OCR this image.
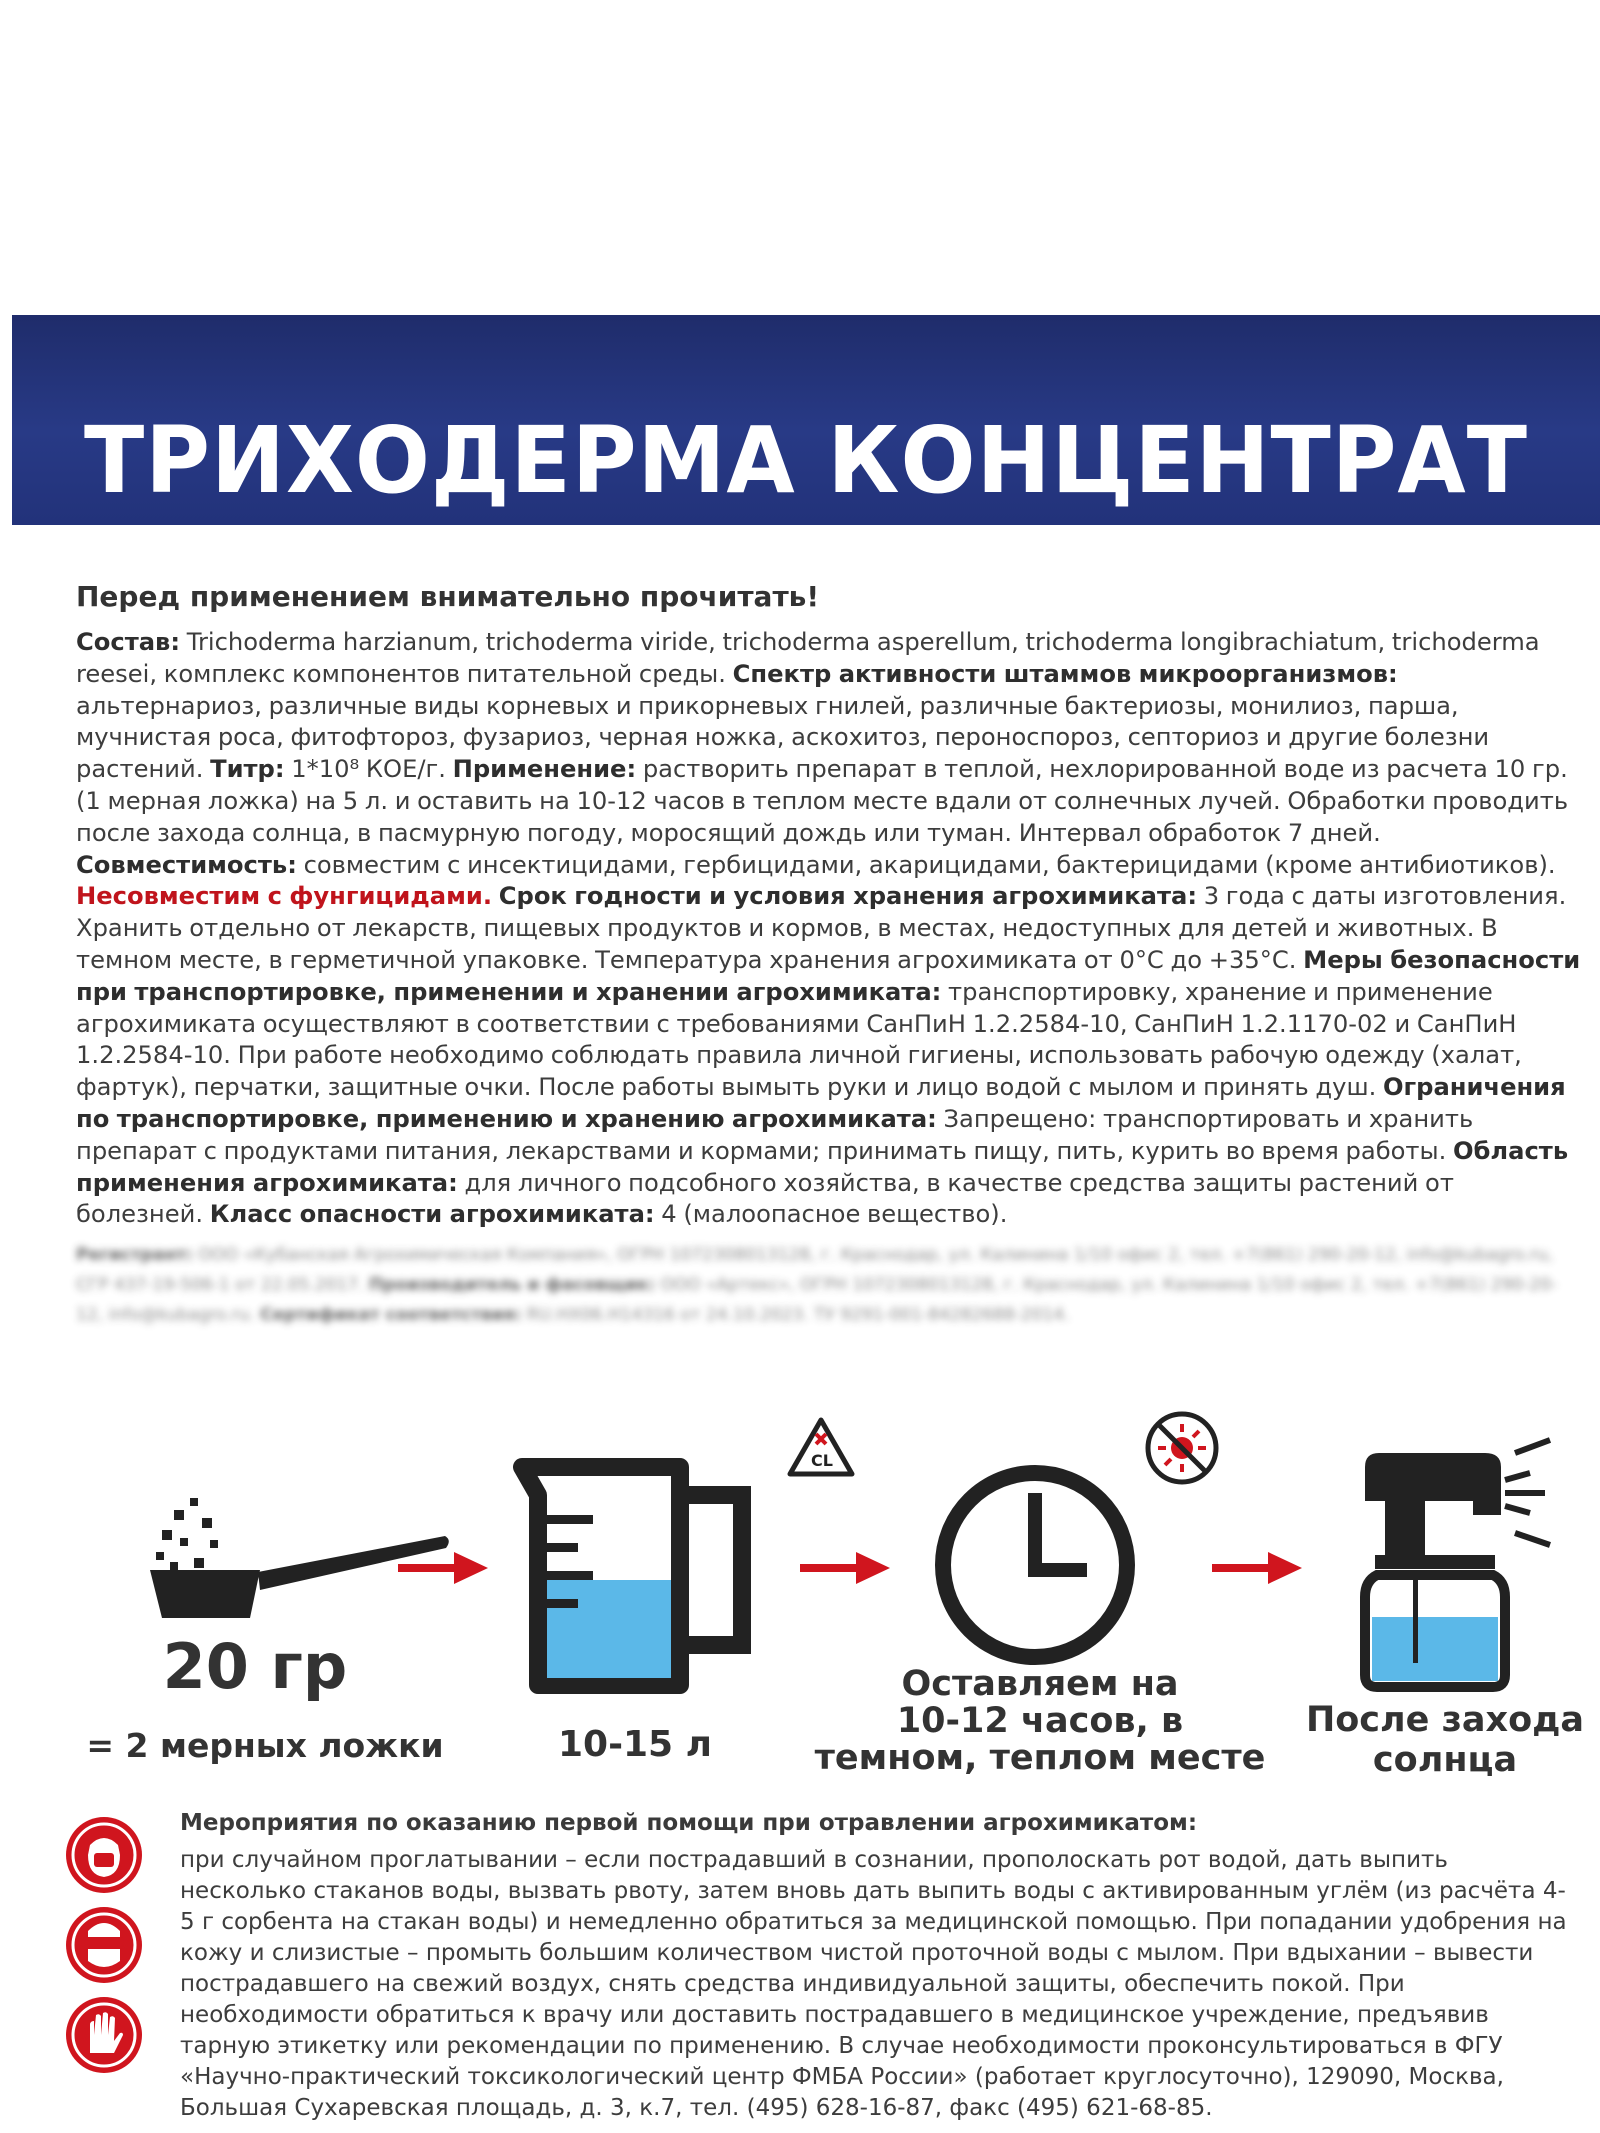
ТРИХОДЕРМА КОНЦЕНТРАТ
Перед применением внимательно прочитать!
Состав: Trichoderma harzianum, trichoderma viride, trichoderma asperellum, trichoderma longibrachiatum, trichoderma reesei, комплекс компонентов питательной среды. Спектр активности штаммов микроорганизмов: альтернариоз, различные виды корневых и прикорневых гнилей, различные бактериозы, монилиоз, парша, мучнистая роса, фитофтороз, фузариоз, черная ножка, аскохитоз, пероноспороз, септориоз и другие болезни растений. Титр: 1*10⁸ КОЕ/г. Применение: растворить препарат в теплой, нехлорированной воде из расчета 10 гр. (1 мерная ложка) на 5 л. и оставить на 10-12 часов в теплом месте вдали от солнечных лучей. Обработки проводить после захода солнца, в пасмурную погоду, моросящий дождь или туман. Интервал обработок 7 дней. Совместимость: совместим с инсектицидами, гербицидами, акарицидами, бактерицидами (кроме антибиотиков). Несовместим с фунгицидами. Срок годности и условия хранения агрохимиката: 3 года с даты изготовления. Хранить отдельно от лекарств, пищевых продуктов и кормов, в местах, недоступных для детей и животных. В темном месте, в герметичной упаковке. Температура хранения агрохимиката от 0°С до +35°С. Меры безопасности при транспортировке, применении и хранении агрохимиката: транспортировку, хранение и применение агрохимиката осуществляют в соответствии с требованиями СанПиН 1.2.2584-10, СанПиН 1.2.1170-02 и СанПиН 1.2.2584-10. При работе необходимо соблюдать правила личной гигиены, использовать рабочую одежду (халат, фартук), перчатки, защитные очки. После работы вымыть руки и лицо водой с мылом и принять душ. Ограничения по транспортировке, применению и хранению агрохимиката: Запрещено: транспортировать и хранить препарат с продуктами питания, лекарствами и кормами; принимать пищу, пить, курить во время работы. Область применения агрохимиката: для личного подсобного хозяйства, в качестве средства защиты растений от болезней. Класс опасности агрохимиката: 4 (малоопасное вещество).
Регистрант: ООО «Кубанская Агрохимическая Компания», ОГРН 1072308013128, г. Краснодар, ул. Калинина 1/10 офис 2, тел. +7(861) 290-20-12, info@kubagro.ru, СГР 437-19-506-1 от 22.05.2017. Производитель и фасовщик: ООО «Артекс», ОГРН 1072308013128, г. Краснодар, ул. Калинина 1/10 офис 2, тел. +7(861) 290-20-12, info@kubagro.ru. Сертификат соответствия: RU.HX06.H14316 от 24.10.2023. ТУ 9291-001-84282688-2014.
20 гр
= 2 мерных ложки	10-15 л
CL
Оставляем на
10-12 часов, в
темном, теплом месте
После захода
солнца
Мероприятия по оказанию первой помощи при отравлении агрохимикатом:
при случайном проглатывании – если пострадавший в сознании, прополоскать рот водой, дать выпить несколько стаканов воды, вызвать рвоту, затем вновь дать выпить воды с активированным углём (из расчёта 4-5 г сорбента на стакан воды) и немедленно обратиться за медицинской помощью. При попадании удобрения на кожу и слизистые – промыть большим количеством чистой проточной воды с мылом. При вдыхании – вывести пострадавшего на свежий воздух, снять средства индивидуальной защиты, обеспечить покой. При необходимости обратиться к врачу или доставить пострадавшего в медицинское учреждение, предъявив тарную этикетку или рекомендации по применению. В случае необходимости проконсультироваться в ФГУ «Научно-практический токсикологический центр ФМБА России» (работает круглосуточно), 129090, Москва, Большая Сухаревская площадь, д. 3, к.7, тел. (495) 628-16-87, факс (495) 621-68-85.
